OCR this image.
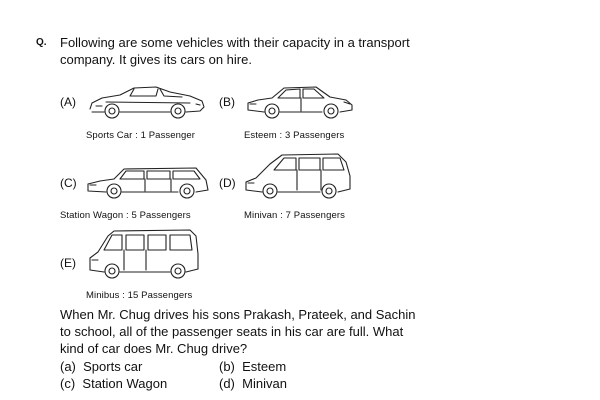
Q. Following are some vehicles with their capacity in a transport
company. It gives its cars on hire.
(A)
Sports Car : 1 Passenger
(B)
Esteem : 3 Passengers
(C)
Station Wagon : 5 Passengers
(D)
Minivan : 7 Passengers
(E)
Minibus : 15 Passengers
When Mr. Chug drives his sons Prakash, Prateek, and Sachin
to school, all of the passenger seats in his car are full. What
kind of car does Mr. Chug drive?
(a) Sports car	(b) Esteem
(c) Station Wagon	(d) Minivan
